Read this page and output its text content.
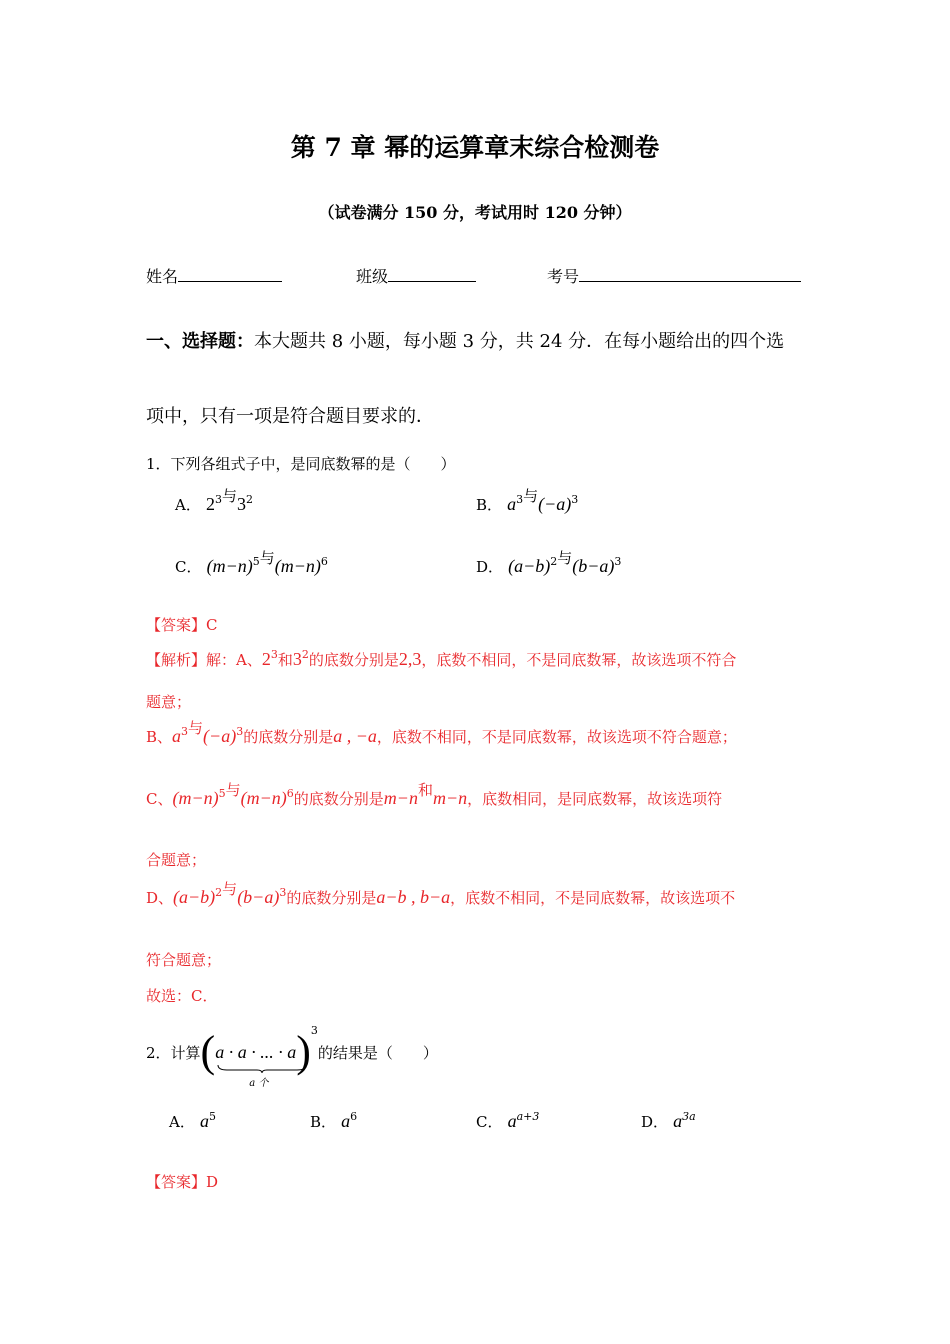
第 7 章 幂的运算章末综合检测卷
（试卷满分 150 分，考试用时 120 分钟）
姓名	班级	考号
一、选择题：本大题共 8 小题，每小题 3 分，共 24 分．在每小题给出的四个选
项中，只有一项是符合题目要求的．
1．下列各组式子中，是同底数幂的是（　　）
A． $2^3$与$3^2$	B． $a^3$与$(-a)^3$
C． $(m-n)^5$与$(m-n)^6$	D． $(a-b)^2$与$(b-a)^3$
【答案】C
【解析】解：A、$2^3$和$3^2$的底数分别是2,3，底数不相同，不是同底数幂，故该选项不符合
题意；
B、$a^3$与$(-a)^3$的底数分别是a , −a，底数不相同，不是同底数幂，故该选项不符合题意；
C、$(m-n)^5$与$(m-n)^6$的底数分别是m−n和m−n，底数相同，是同底数幂，故该选项符
合题意；
D、$(a-b)^2$与$(b-a)^3$的底数分别是a−b , b−a，底数不相同，不是同底数幂，故该选项不
符合题意；
故选：C．
2．计算(a · a · ... · a
a 个
)$^3$的结果是（　　）
A． $a^5$	B． $a^6$	C． $a^{a+3}$	D． $a^{3a}$
【答案】D
